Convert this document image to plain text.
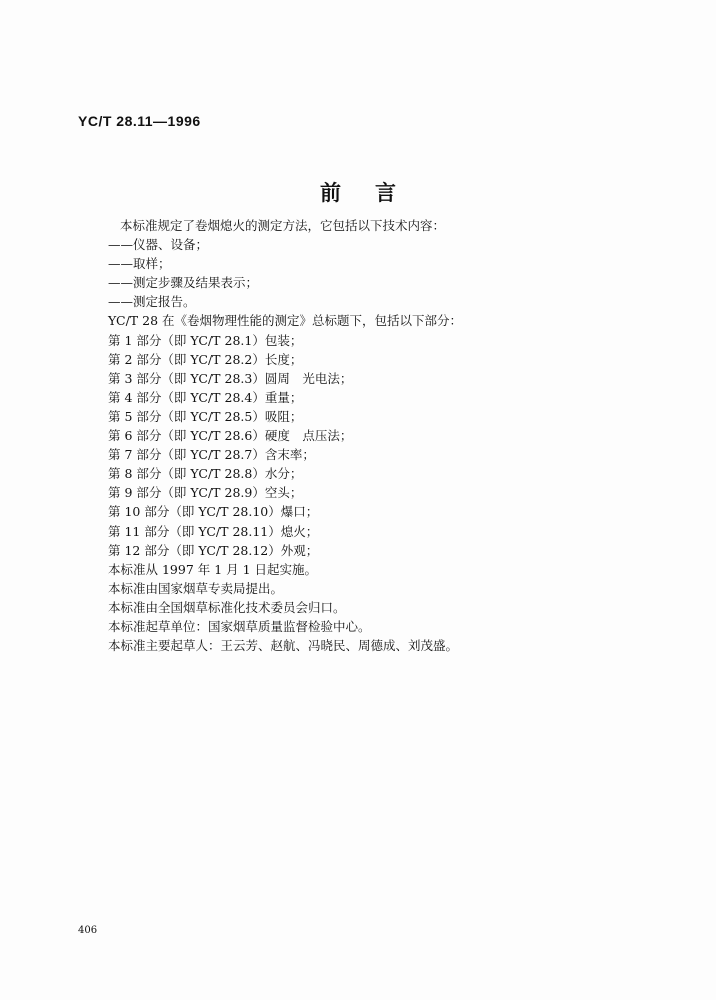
YC/T 28.11—1996
前 言
本标准规定了卷烟熄火的测定方法，它包括以下技术内容：
——仪器、设备；
——取样；
——测定步骤及结果表示；
——测定报告。
YC/T 28 在《卷烟物理性能的测定》总标题下，包括以下部分：
第 1 部分（即 YC/T 28.1）包装；
第 2 部分（即 YC/T 28.2）长度；
第 3 部分（即 YC/T 28.3）圆周　光电法；
第 4 部分（即 YC/T 28.4）重量；
第 5 部分（即 YC/T 28.5）吸阻；
第 6 部分（即 YC/T 28.6）硬度　点压法；
第 7 部分（即 YC/T 28.7）含末率；
第 8 部分（即 YC/T 28.8）水分；
第 9 部分（即 YC/T 28.9）空头；
第 10 部分（即 YC/T 28.10）爆口；
第 11 部分（即 YC/T 28.11）熄火；
第 12 部分（即 YC/T 28.12）外观；
本标准从 1997 年 1 月 1 日起实施。
本标准由国家烟草专卖局提出。
本标准由全国烟草标准化技术委员会归口。
本标准起草单位：国家烟草质量监督检验中心。
本标准主要起草人：王云芳、赵航、冯晓民、周德成、刘茂盛。
406
